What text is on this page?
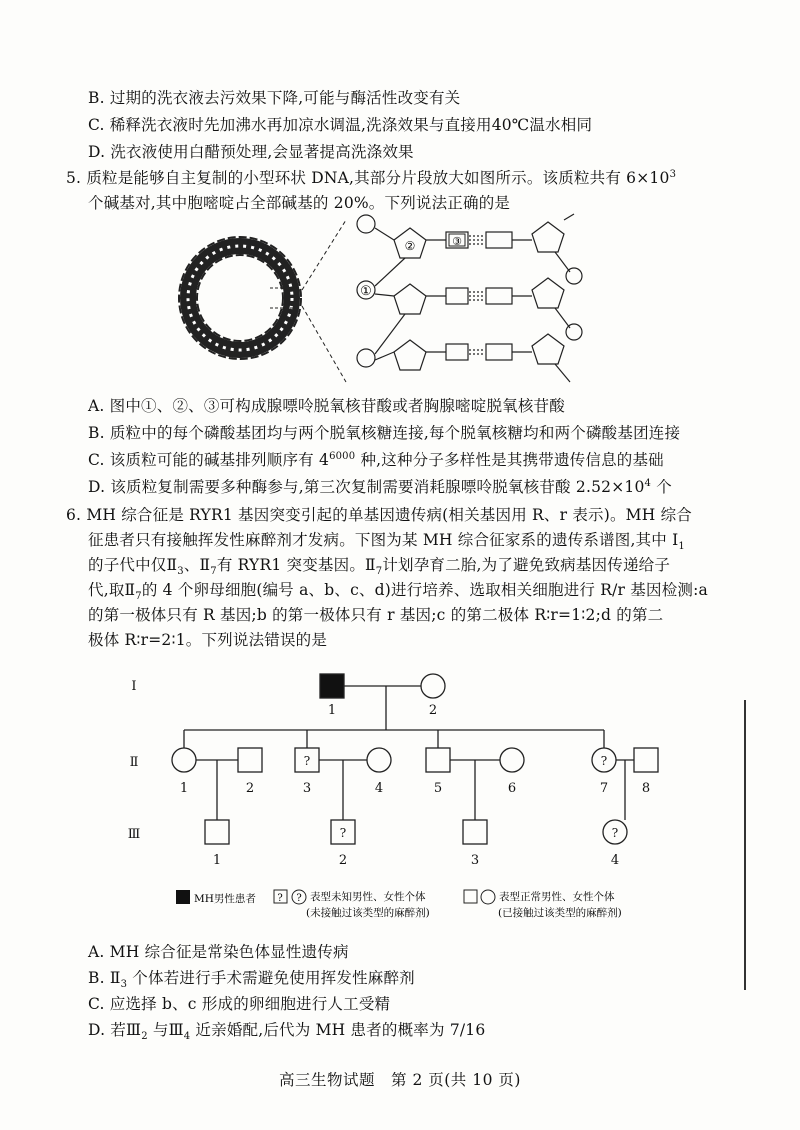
B. 过期的洗衣液去污效果下降,可能与酶活性改变有关
C. 稀释洗衣液时先加沸水再加凉水调温,洗涤效果与直接用40℃温水相同
D. 洗衣液使用白醋预处理,会显著提高洗涤效果
5. 质粒是能够自主复制的小型环状 DNA,其部分片段放大如图所示。该质粒共有 $6\times 10^3$
个碱基对,其中胞嘧啶占全部碱基的 20%。下列说法正确的是
②
①
③
A. 图中①、②、③可构成腺嘌呤脱氧核苷酸或者胸腺嘧啶脱氧核苷酸
B. 质粒中的每个磷酸基团均与两个脱氧核糖连接,每个脱氧核糖均和两个磷酸基团连接
C. 该质粒可能的碱基排列顺序有 $4^{6000}$ 种,这种分子多样性是其携带遗传信息的基础
D. 该质粒复制需要多种酶参与,第三次复制需要消耗腺嘌呤脱氧核苷酸 $2.52\times 10^4$ 个
6. MH 综合征是 RYR1 基因突变引起的单基因遗传病(相关基因用 R、r 表示)。MH 综合
征患者只有接触挥发性麻醉剂才发病。下图为某 MH 综合征家系的遗传系谱图,其中 $I_1$
的子代中仅$Ⅱ_3$、$Ⅱ_7$有 RYR1 突变基因。$Ⅱ_7$计划孕育二胎,为了避免致病基因传递给子
代,取$Ⅱ_7$的 4 个卵母细胞(编号 a、b、c、d)进行培养、选取相关细胞进行 R/r 基因检测:a
的第一极体只有 R 基因;b 的第一极体只有 r 基因;c 的第二极体 R∶r=1∶2;d 的第二
极体 R∶r=2∶1。下列说法错误的是
Ⅰ
Ⅱ
Ⅲ
1	2
1	2	3	4	5	6	7	8
1	2	3	4
?	?
?	?
MH男性患者 ? ? 表型未知男性、女性个体
(未接触过该类型的麻醉剂)
表型正常男性、女性个体
(已接触过该类型的麻醉剂)
A. MH 综合征是常染色体显性遗传病
B. $Ⅱ_3$ 个体若进行手术需避免使用挥发性麻醉剂
C. 应选择 b、c 形成的卵细胞进行人工受精
D. 若$Ⅲ_2$ 与$Ⅲ_4$ 近亲婚配,后代为 MH 患者的概率为 7/16
高三生物试题　第 2 页(共 10 页)
